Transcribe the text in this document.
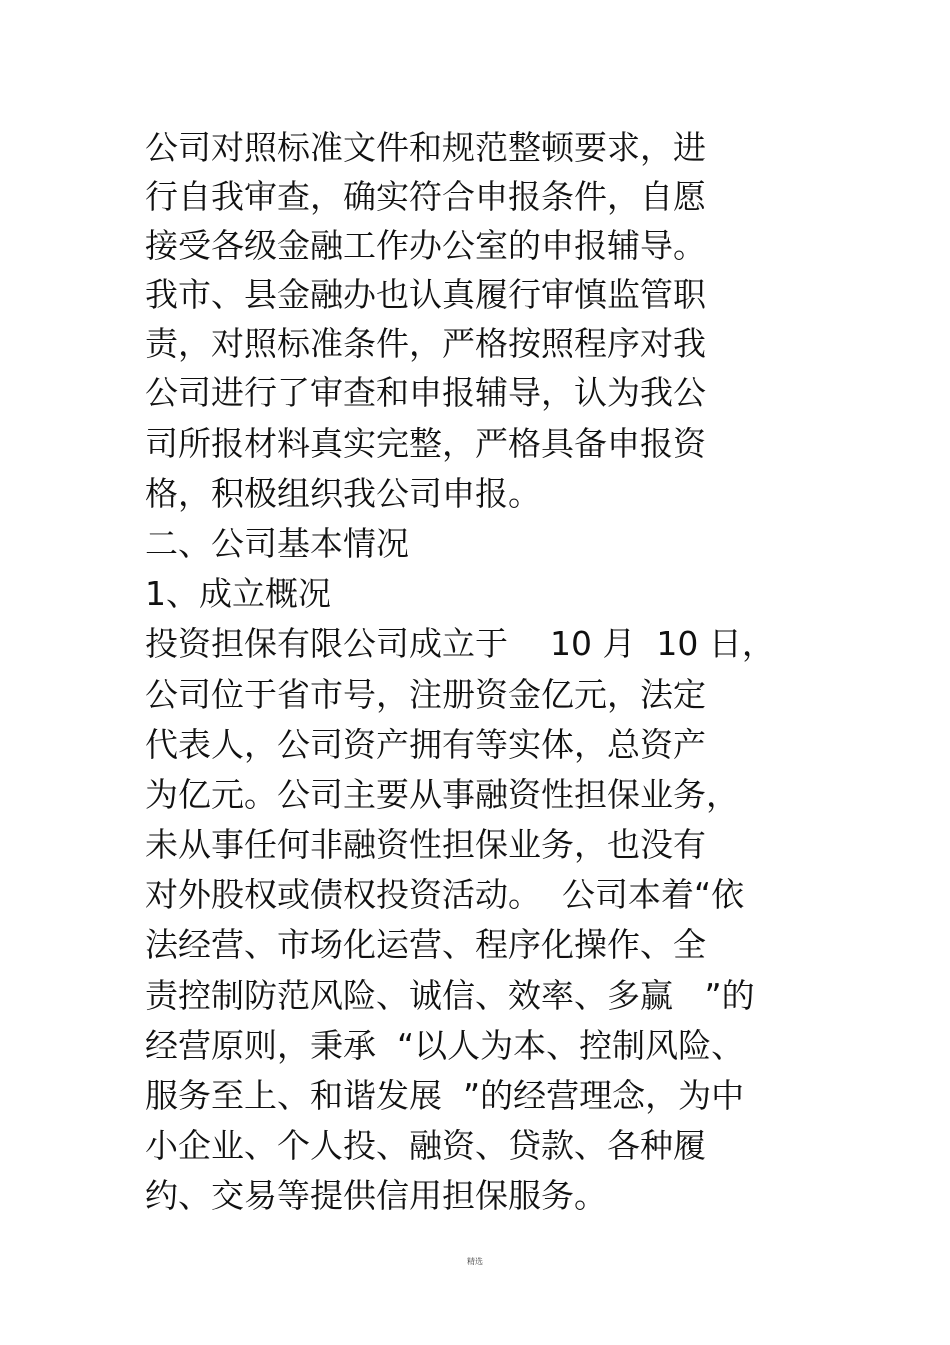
公司对照标准文件和规范整顿要求，进
行自我审查，确实符合申报条件，自愿
接受各级金融工作办公室的申报辅导。
我市、县金融办也认真履行审慎监管职
责，对照标准条件，严格按照程序对我
公司进行了审查和申报辅导，认为我公
司所报材料真实完整，严格具备申报资
格，积极组织我公司申报。
二、公司基本情况
1、成立概况
投资担保有限公司成立于    10 月  10 日，
公司位于省市号，注册资金亿元，法定
代表人，公司资产拥有等实体，总资产
为亿元。公司主要从事融资性担保业务，
未从事任何非融资性担保业务，也没有
对外股权或债权投资活动。  公司本着“依
法经营、市场化运营、程序化操作、全
责控制防范风险、诚信、效率、多赢   ”的
经营原则，秉承  “以人为本、控制风险、
服务至上、和谐发展  ”的经营理念，为中
小企业、个人投、融资、贷款、各种履
约、交易等提供信用担保服务。
精选
